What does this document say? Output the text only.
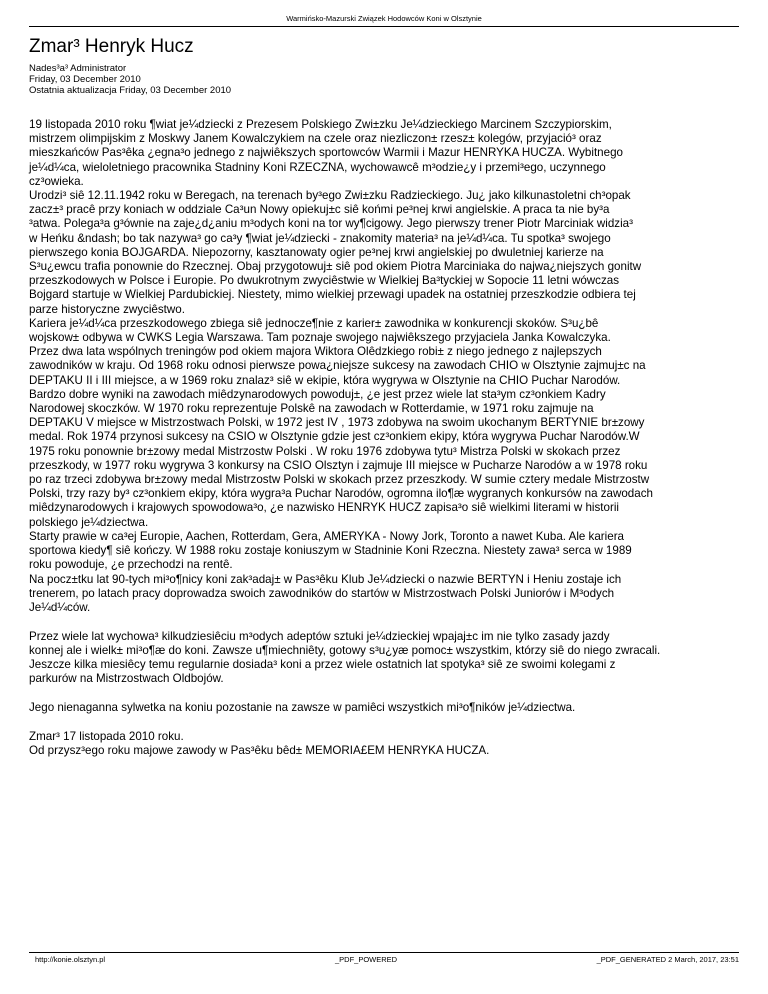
Warmińsko-Mazurski Związek Hodowców Koni w Olsztynie
Zmar³ Henryk Hucz
Nades³a³ Administrator
Friday, 03 December 2010
Ostatnia aktualizacja Friday, 03 December 2010
19 listopada 2010 roku ¶wiat je¼dziecki z Prezesem Polskiego Zwi±zku Je¼dzieckiego Marcinem Szczypiorskim,
mistrzem olimpijskim z Moskwy Janem Kowalczykiem na czele oraz niezliczon± rzesz± kolegów, przyjació³ oraz
mieszkańców Pas³êka ¿egna³o jednego z najwiêkszych sportowców Warmii i Mazur HENRYKA HUCZA. Wybitnego
je¼d¼ca, wieloletniego pracownika Stadniny Koni RZECZNA, wychowawcê m³odzie¿y i przemi³ego, uczynnego
cz³owieka.
Urodzi³ siê 12.11.1942 roku w Beregach, na terenach by³ego Zwi±zku Radzieckiego. Ju¿ jako kilkunastoletni ch³opak
zacz±³ pracê przy koniach w oddziale Ca³un Nowy opiekuj±c siê końmi pe³nej krwi angielskie. A praca ta nie by³a
³atwa. Polega³a g³ównie na zaje¿d¿aniu m³odych koni na tor wy¶cigowy. Jego pierwszy trener Piotr Marciniak widzia³
w Heńku &ndash; bo tak nazywa³ go ca³y ¶wiat je¼dziecki - znakomity materia³ na je¼d¼ca. Tu spotka³ swojego
pierwszego konia BOJGARDA. Niepozorny, kasztanowaty ogier pe³nej krwi angielskiej po dwuletniej karierze na
S³u¿ewcu trafia ponownie do Rzecznej. Obaj przygotowuj± siê pod okiem Piotra Marciniaka do najwa¿niejszych gonitw
przeszkodowych w Polsce i Europie. Po dwukrotnym zwyciêstwie w Wielkiej Ba³tyckiej w Sopocie 11 letni wówczas
Bojgard startuje w Wielkiej Pardubickiej. Niestety, mimo wielkiej przewagi upadek na ostatniej przeszkodzie odbiera tej
parze historyczne zwyciêstwo.
Kariera je¼d¼ca przeszkodowego zbiega siê jednocze¶nie z karier± zawodnika w konkurencji skoków. S³u¿bê
wojskow± odbywa w CWKS Legia Warszawa. Tam poznaje swojego najwiêkszego przyjaciela Janka Kowalczyka.
Przez dwa lata wspólnych treningów pod okiem majora Wiktora Olêdzkiego robi± z niego jednego z najlepszych
zawodników w kraju. Od 1968 roku odnosi pierwsze powa¿niejsze sukcesy na zawodach CHIO w Olsztynie zajmuj±c na
DEPTAKU II i III miejsce, a w 1969 roku znalaz³ siê w ekipie, która wygrywa w Olsztynie na CHIO Puchar Narodów.
Bardzo dobre wyniki na zawodach miêdzynarodowych powoduj±, ¿e jest przez wiele lat sta³ym cz³onkiem Kadry
Narodowej skoczków. W 1970 roku reprezentuje Polskê na zawodach w Rotterdamie, w 1971 roku zajmuje na
DEPTAKU V miejsce w Mistrzostwach Polski, w 1972 jest IV , 1973 zdobywa na swoim ukochanym BERTYNIE br±zowy
medal. Rok 1974 przynosi sukcesy na CSIO w Olsztynie gdzie jest cz³onkiem ekipy, która wygrywa Puchar Narodów.W
1975 roku ponownie br±zowy medal Mistrzostw Polski . W roku 1976 zdobywa tytu³ Mistrza Polski w skokach przez
przeszkody, w 1977 roku wygrywa 3 konkursy na CSIO Olsztyn i zajmuje III miejsce w Pucharze Narodów a w 1978 roku
po raz trzeci zdobywa br±zowy medal Mistrzostw Polski w skokach przez przeszkody. W sumie cztery medale Mistrzostw
Polski, trzy razy by³ cz³onkiem ekipy, która wygra³a Puchar Narodów, ogromna ilo¶æ wygranych konkursów na zawodach
miêdzynarodowych i krajowych spowodowa³o, ¿e nazwisko HENRYK HUCZ zapisa³o siê wielkimi literami w historii
polskiego je¼dziectwa.
Starty prawie w ca³ej Europie, Aachen, Rotterdam, Gera, AMERYKA - Nowy Jork, Toronto a nawet Kuba. Ale kariera
sportowa kiedy¶ siê kończy. W 1988 roku zostaje koniuszym w Stadninie Koni Rzeczna. Niestety zawa³ serca w 1989
roku powoduje, ¿e przechodzi na rentê.
Na pocz±tku lat 90-tych mi³o¶nicy koni zak³adaj± w Pas³êku Klub Je¼dziecki o nazwie BERTYN i Heniu zostaje ich
trenerem, po latach pracy doprowadza swoich zawodników do startów w Mistrzostwach Polski Juniorów i M³odych
Je¼d¼ców.
Przez wiele lat wychowa³ kilkudziesiêciu m³odych adeptów sztuki je¼dzieckiej wpajaj±c im nie tylko zasady jazdy
konnej ale i wielk± mi³o¶æ do koni. Zawsze u¶miechniêty, gotowy s³u¿yæ pomoc± wszystkim, którzy siê do niego zwracali.
Jeszcze kilka miesiêcy temu regularnie dosiada³ koni a przez wiele ostatnich lat spotyka³ siê ze swoimi kolegami z
parkurów na Mistrzostwach Oldbojów.
Jego nienaganna sylwetka na koniu pozostanie na zawsze w pamiêci wszystkich mi³o¶ników je¼dziectwa.
Zmar³ 17 listopada 2010 roku.
Od przysz³ego roku majowe zawody w Pas³êku bêd± MEMORIA£EM HENRYKA HUCZA.
http://konie.olsztyn.pl	_PDF_POWERED	_PDF_GENERATED 2 March, 2017, 23:51
